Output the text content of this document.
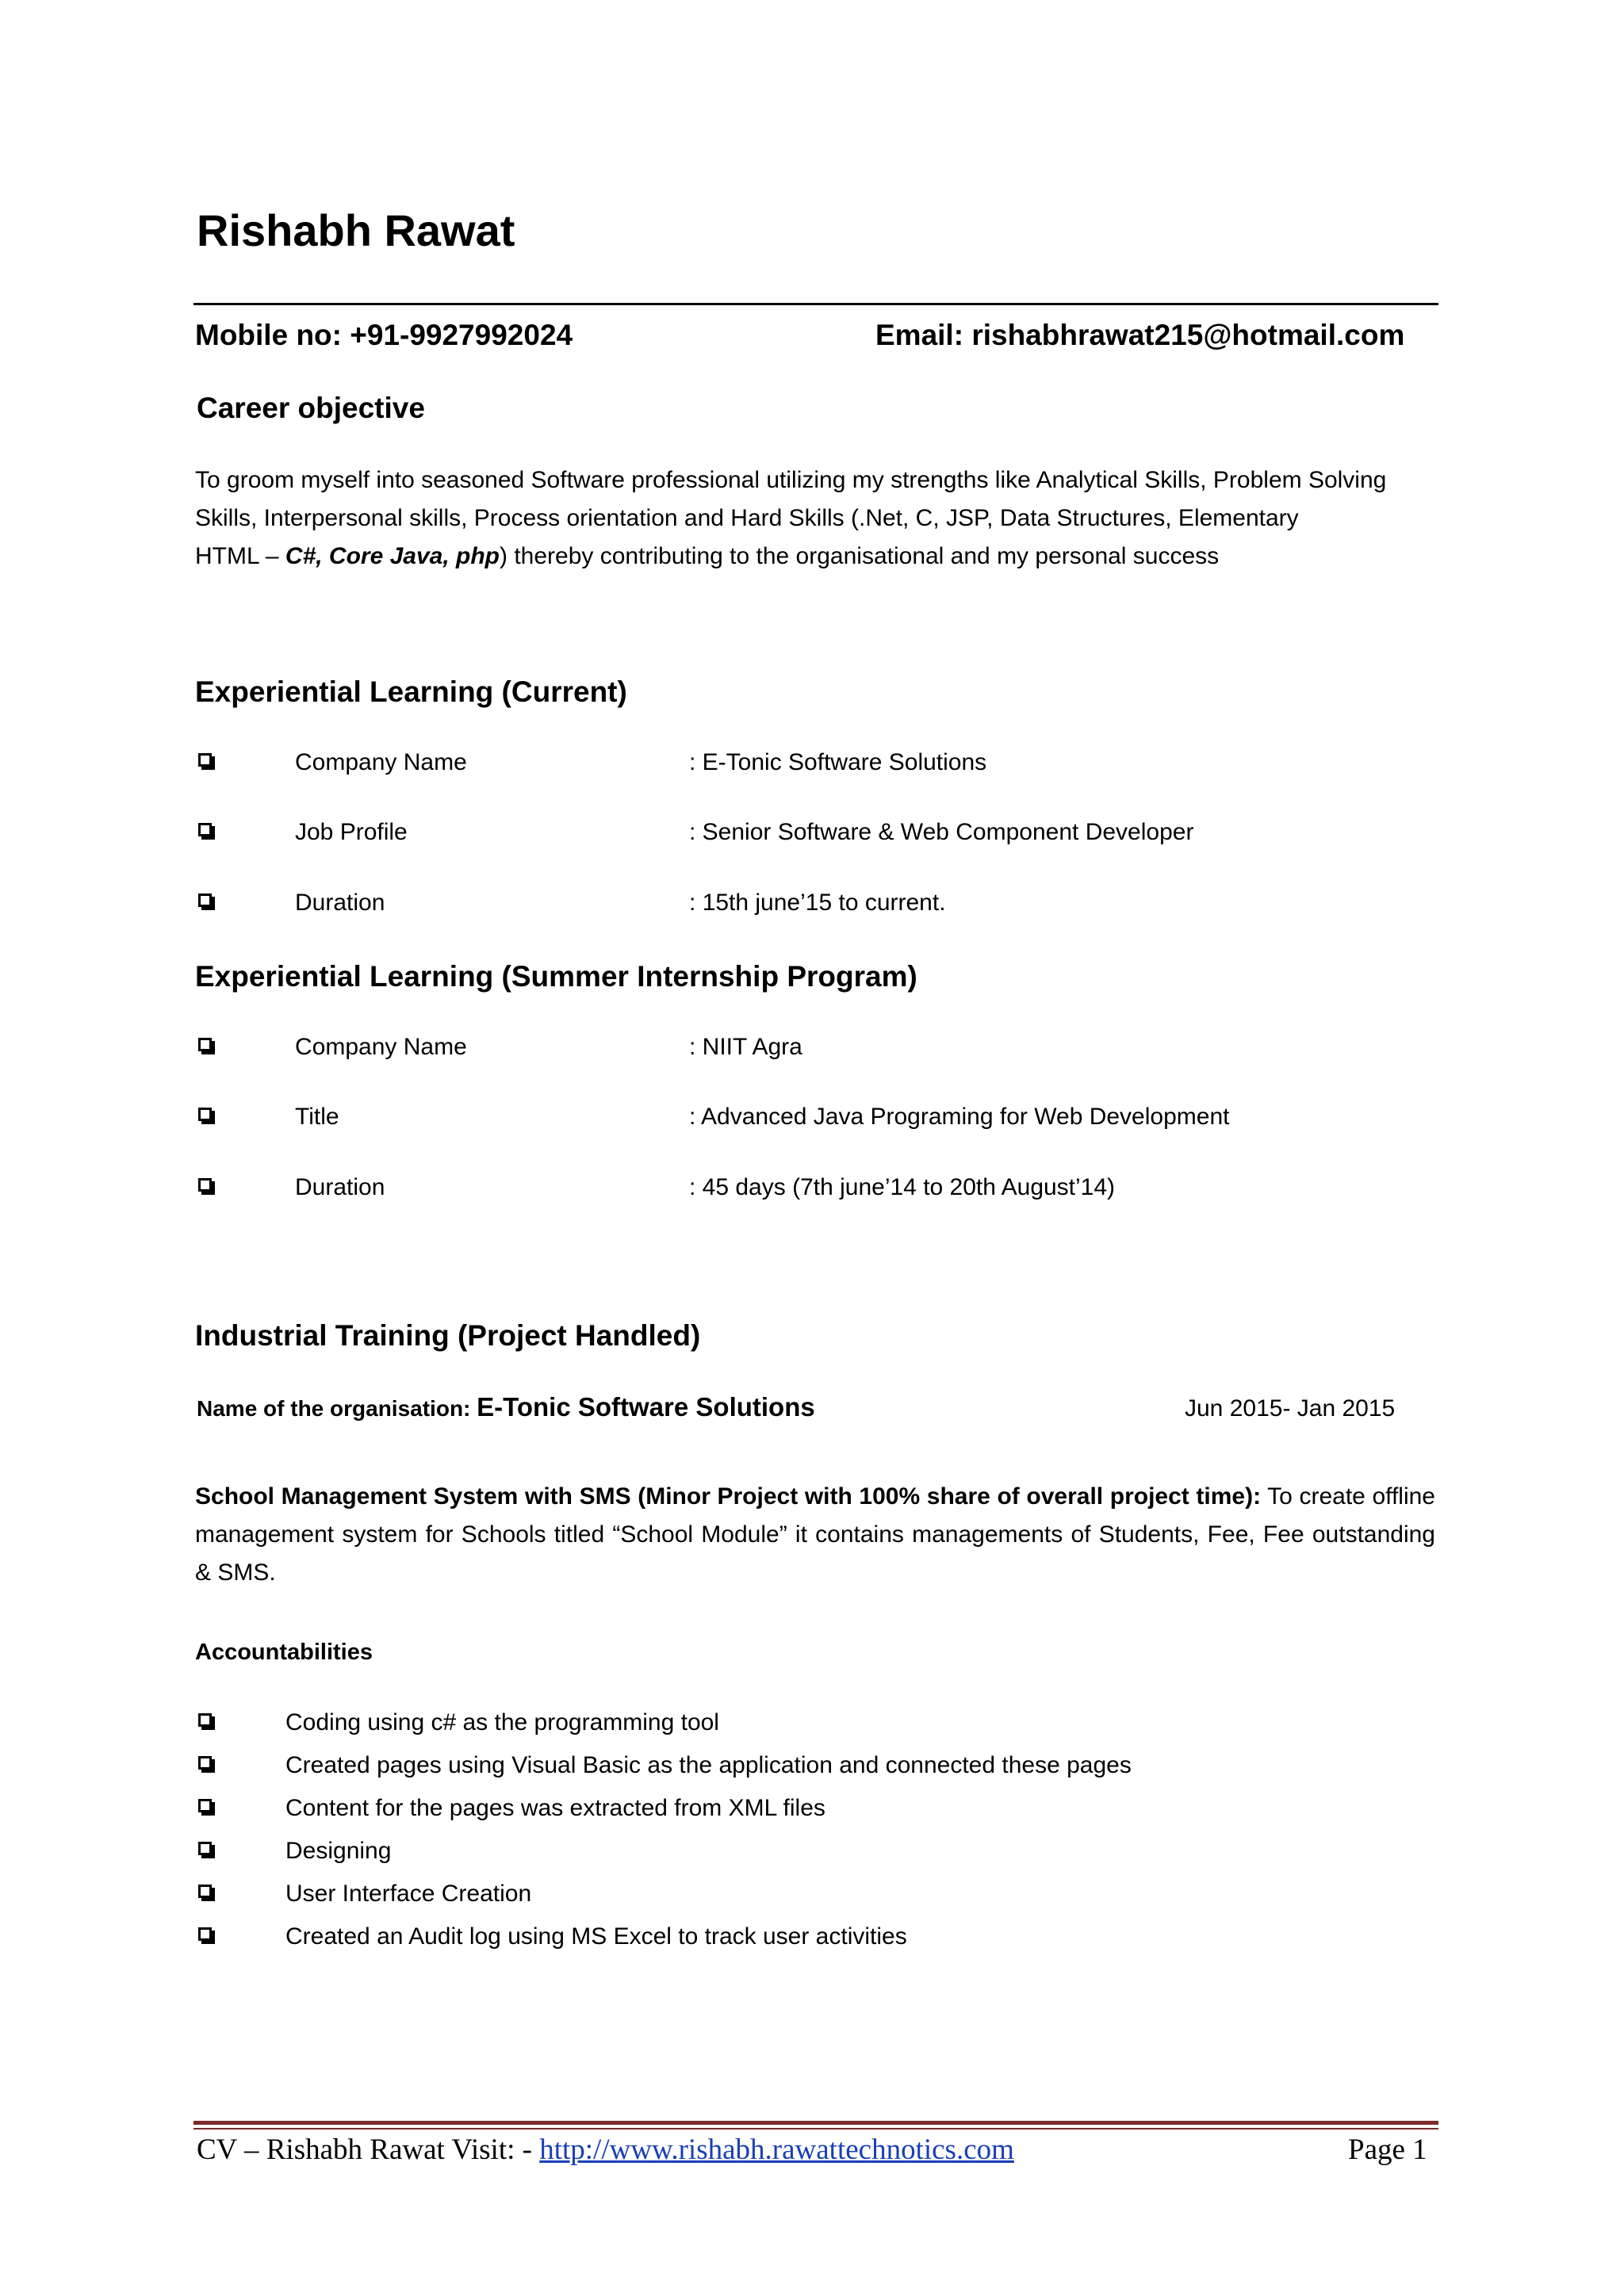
Rishabh Rawat
Mobile no: +91-9927992024	Email: rishabhrawat215@hotmail.com
Career objective
To groom myself into seasoned Software professional utilizing my strengths like Analytical Skills, Problem Solving
Skills, Interpersonal skills, Process orientation and Hard Skills (.Net, C, JSP, Data Structures, Elementary
HTML – C#, Core Java, php) thereby contributing to the organisational and my personal success
Experiential Learning (Current)
Company Name	: E-Tonic Software Solutions
Job Profile	: Senior Software & Web Component Developer
Duration	: 15th june’15 to current.
Experiential Learning (Summer Internship Program)
Company Name	: NIIT Agra
Title	: Advanced Java Programing for Web Development
Duration	: 45 days (7th june’14 to 20th August’14)
Industrial Training (Project Handled)
Name of the organisation: E-Tonic Software Solutions	Jun 2015- Jan 2015
School Management System with SMS (Minor Project with 100% share of overall project time): To create offline management system for Schools titled “School Module” it contains managements of Students, Fee, Fee outstanding & SMS.
Accountabilities
Coding using c# as the programming tool
Created pages using Visual Basic as the application and connected these pages
Content for the pages was extracted from XML files
Designing
User Interface Creation
Created an Audit log using MS Excel to track user activities
CV – Rishabh Rawat Visit: - http://www.rishabh.rawattechnotics.com	Page 1
